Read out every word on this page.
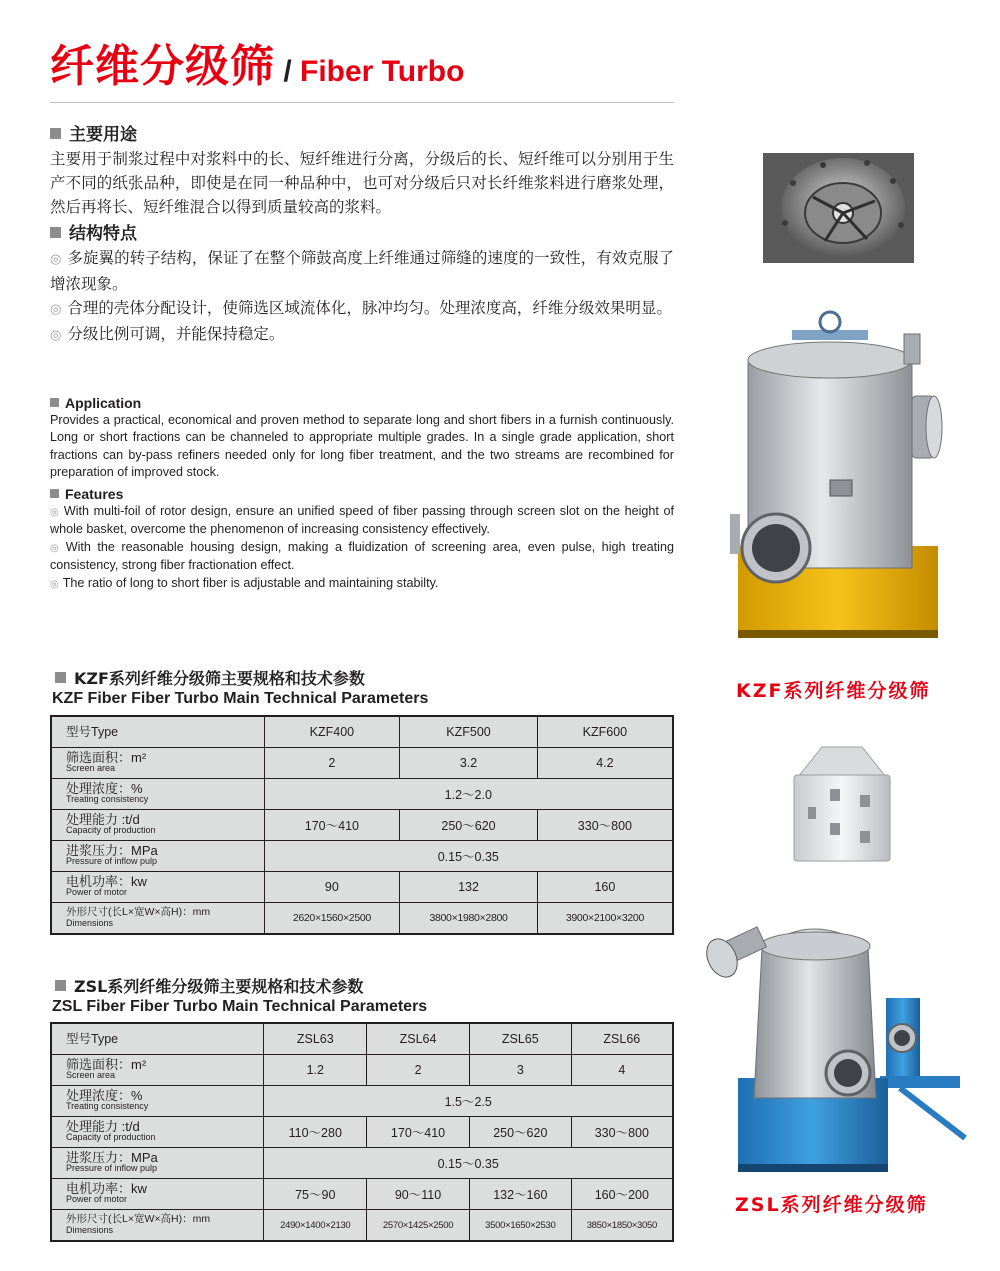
纤维分级筛 / Fiber Turbo
主要用途
主要用于制浆过程中对浆料中的长、短纤维进行分离，分级后的长、短纤维可以分别用于生产不同的纸张品种，即使是在同一种品种中，也可对分级后只对长纤维浆料进行磨浆处理，然后再将长、短纤维混合以得到质量较高的浆料。
结构特点
◎ 多旋翼的转子结构，保证了在整个筛鼓高度上纤维通过筛缝的速度的一致性，有效克服了增浓现象。
◎ 合理的壳体分配设计，使筛选区域流体化，脉冲均匀。处理浓度高，纤维分级效果明显。
◎ 分级比例可调，并能保持稳定。
Application
Provides a practical, economical and proven method to separate long and short fibers in a furnish continuously. Long or short fractions can be channeled to appropriate multiple grades. In a single grade application, short fractions can by-pass refiners needed only for long fiber treatment, and the two streams are recombined for preparation of improved stock.
Features
◎ With multi-foil of rotor design, ensure an unified speed of fiber passing through screen slot on the height of whole basket, overcome the phenomenon of increasing consistency effectively.
◎ With the reasonable housing design, making a fluidization of screening area, even pulse, high treating consistency, strong fiber fractionation effect.
◎ The ratio of long to short fiber is adjustable and maintaining stabilty.
KZF系列纤维分级筛主要规格和技术参数
KZF Fiber Fiber Turbo Main Technical Parameters
型号Type	KZF400	KZF500	KZF600

筛选面积：m²
Screen area	2	3.2	4.2

处理浓度：%
Treating consistency	1.2～2.0		

处理能力 :t/d
Capacity of production	170～410	250～620	330～800

进浆压力：MPa
Pressure of inflow pulp	0.15～0.35		

电机功率：kw
Power of motor	90	132	160

外形尺寸(长L×宽W×高H)：mm
Dimensions	2620×1560×2500	3800×1980×2800	3900×2100×3200
ZSL系列纤维分级筛主要规格和技术参数
ZSL Fiber Fiber Turbo Main Technical Parameters
型号Type	ZSL63	ZSL64	ZSL65	ZSL66

筛选面积：m²
Screen area	1.2	2	3	4

处理浓度：%
Treating consistency	1.5～2.5			

处理能力 :t/d
Capacity of production	110～280	170～410	250～620	330～800

进浆压力：MPa
Pressure of inflow pulp	0.15～0.35			

电机功率：kw
Power of motor	75～90	90～110	132～160	160～200

外形尺寸(长L×宽W×高H)：mm
Dimensions	2490×1400×2130	2570×1425×2500	3500×1650×2530	3850×1850×3050
KZF系列纤维分级筛
ZSL系列纤维分级筛
